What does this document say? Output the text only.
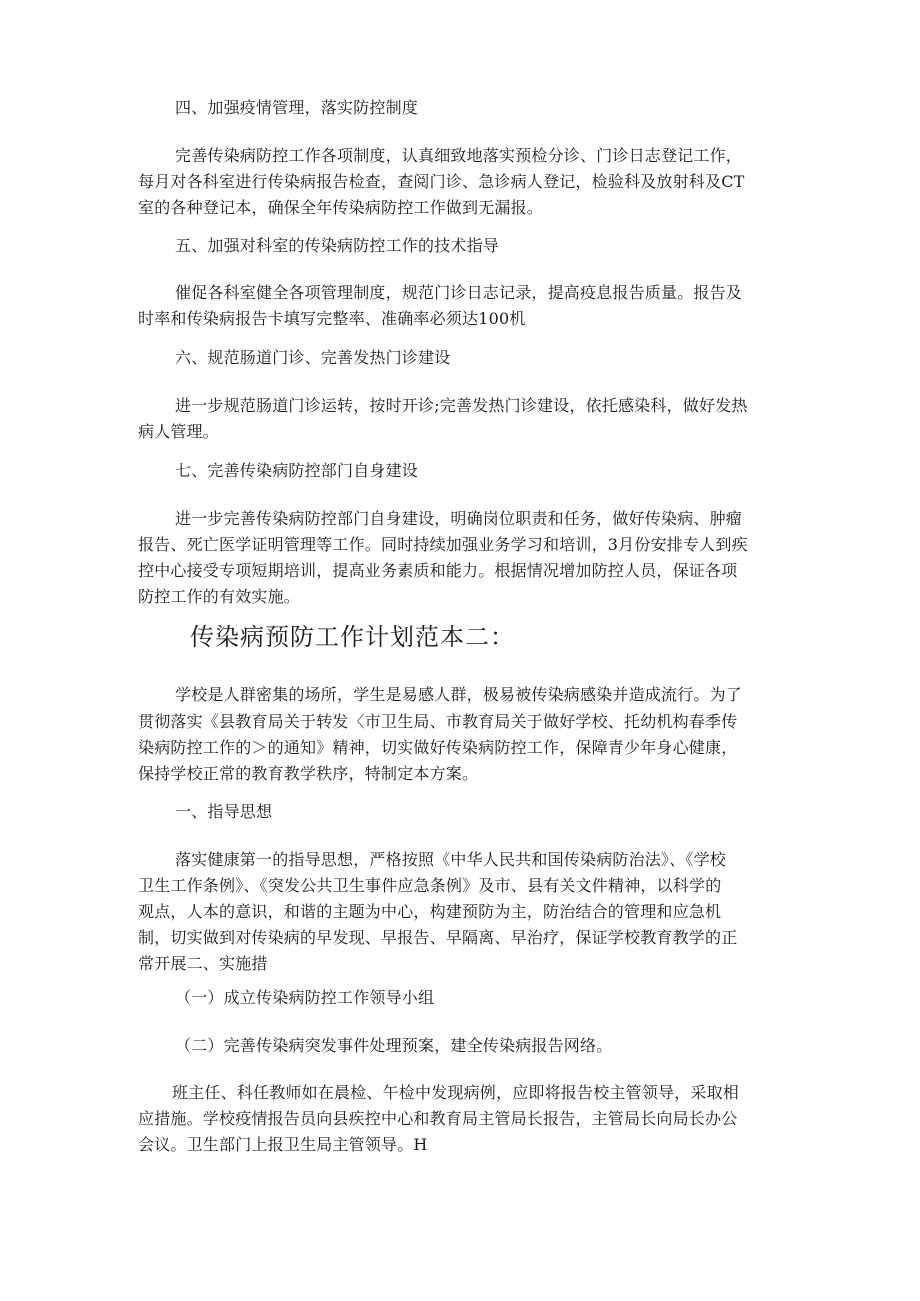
四、加强疫情管理，落实防控制度
完善传染病防控工作各项制度，认真细致地落实预检分诊、门诊日志登记工作，
每月对各科室进行传染病报告检查，查阅门诊、急诊病人登记，检验科及放射科及CT
室的各种登记本，确保全年传染病防控工作做到无漏报。
五、加强对科室的传染病防控工作的技术指导
催促各科室健全各项管理制度，规范门诊日志记录，提高疫息报告质量。报告及
时率和传染病报告卡填写完整率、准确率必须达100机
六、规范肠道门诊、完善发热门诊建设
进一步规范肠道门诊运转，按时开诊;完善发热门诊建设，依托感染科，做好发热
病人管理。
七、完善传染病防控部门自身建设
进一步完善传染病防控部门自身建设，明确岗位职责和任务，做好传染病、肿瘤
报告、死亡医学证明管理等工作。同时持续加强业务学习和培训，3月份安排专人到疾
控中心接受专项短期培训，提高业务素质和能力。根据情况增加防控人员，保证各项
防控工作的有效实施。
传染病预防工作计划范本二：
学校是人群密集的场所，学生是易感人群，极易被传染病感染并造成流行。为了
贯彻落实《县教育局关于转发〈市卫生局、市教育局关于做好学校、托幼机构春季传
染病防控工作的＞的通知》精神，切实做好传染病防控工作，保障青少年身心健康，
保持学校正常的教育教学秩序，特制定本方案。
一、指导思想
落实健康第一的指导思想，严格按照《中华人民共和国传染病防治法》、《学校
卫生工作条例》、《突发公共卫生事件应急条例》及市、县有关文件精神，以科学的
观点，人本的意识，和谐的主题为中心，构建预防为主，防治结合的管理和应急机
制，切实做到对传染病的早发现、早报告、早隔离、早治疗，保证学校教育教学的正
常开展二、实施措
（一）成立传染病防控工作领导小组
（二）完善传染病突发事件处理预案，建全传染病报告网络。
班主任、科任教师如在晨检、午检中发现病例，应即将报告校主管领导，采取相
应措施。学校疫情报告员向县疾控中心和教育局主管局长报告，主管局长向局长办公
会议。卫生部门上报卫生局主管领导。H
